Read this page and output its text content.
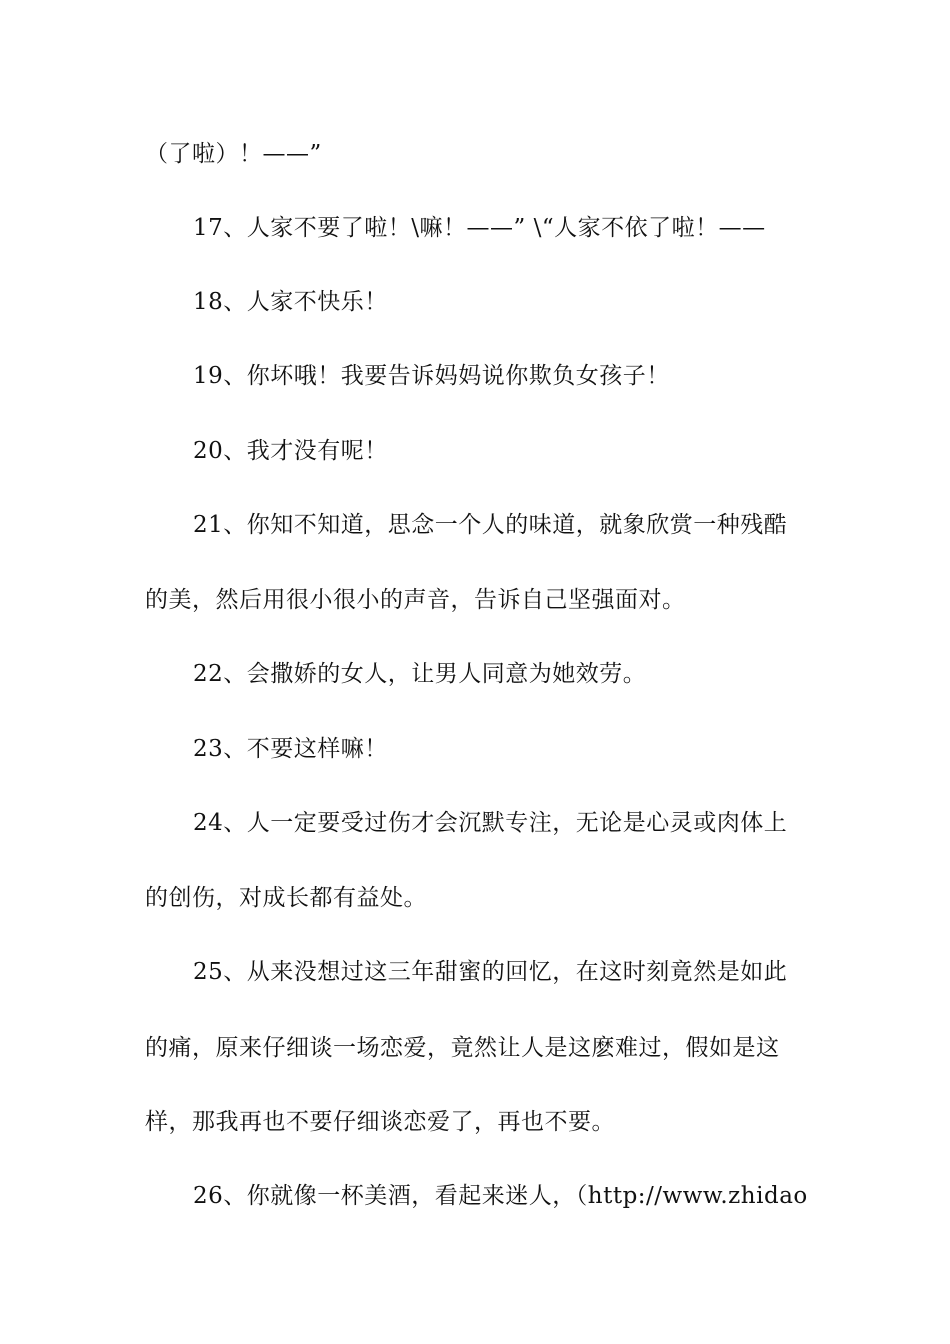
（了啦）！——”
17、人家不要了啦！\嘛！——” \“人家不依了啦！——
18、人家不快乐！
19、你坏哦！我要告诉妈妈说你欺负女孩子！
20、我才没有呢！
21、你知不知道，思念一个人的味道，就象欣赏一种残酷
的美，然后用很小很小的声音，告诉自己坚强面对。
22、会撒娇的女人，让男人同意为她效劳。
23、不要这样嘛！
24、人一定要受过伤才会沉默专注，无论是心灵或肉体上
的创伤，对成长都有益处。
25、从来没想过这三年甜蜜的回忆，在这时刻竟然是如此
的痛，原来仔细谈一场恋爱，竟然让人是这麽难过，假如是这
样，那我再也不要仔细谈恋爱了，再也不要。
26、你就像一杯美酒，看起来迷人，（http://www.zhidao
